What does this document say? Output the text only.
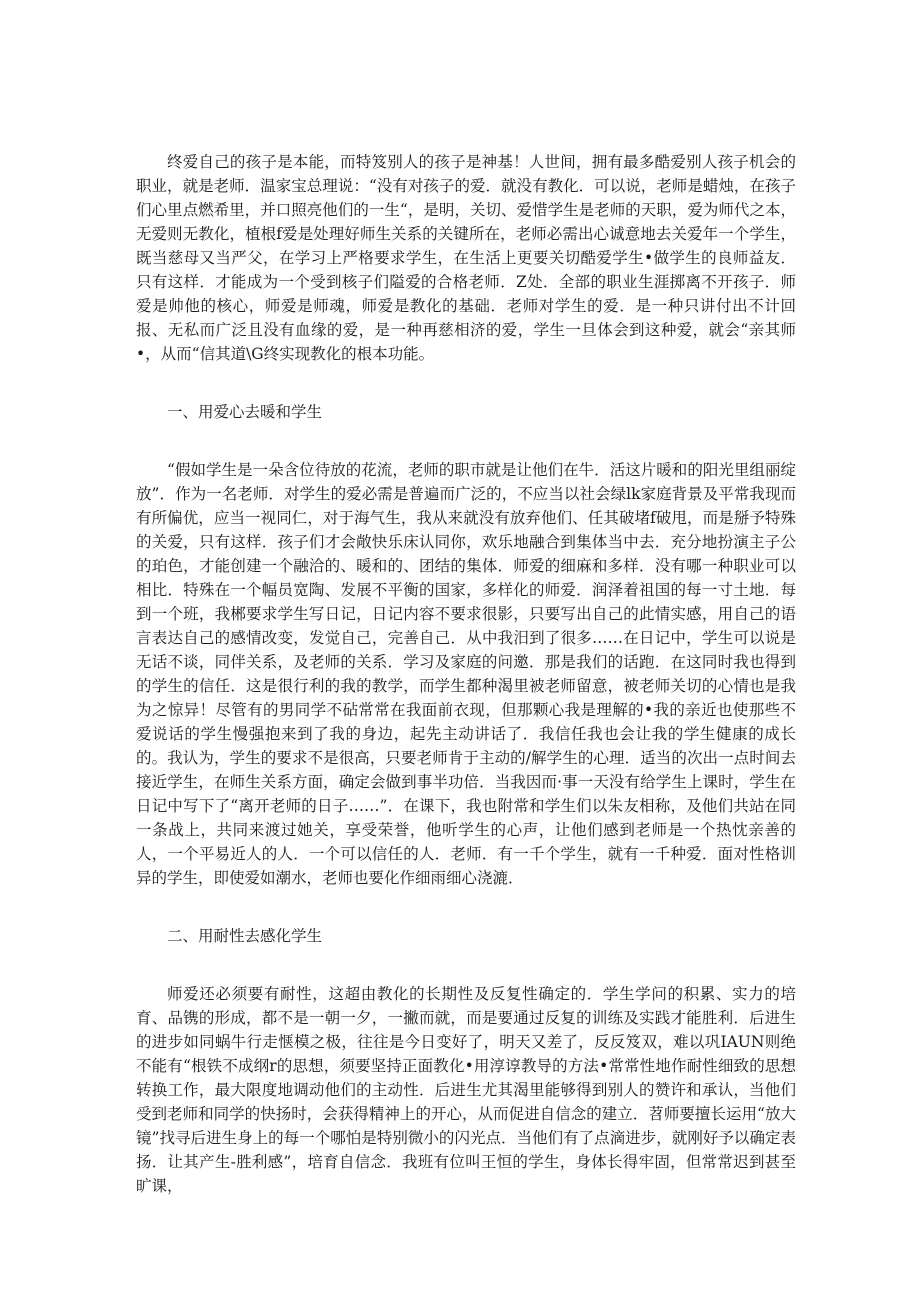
终爱自己的孩子是本能，而特笈别人的孩子是神基！人世间，拥有最多酷爱别人孩子机会的职业，就是老师．温家宝总理说：“没有对孩子的爱．就没有教化．可以说，老师是蜡烛，在孩子们心里点燃希里，并口照亮他们的一生“，是明，关切、爱惜学生是老师的天职，爱为师代之本，无爱则无教化，植根f爱是处理好师生关系的关键所在，老师必需出心诚意地去关爱年一个学生，既当慈母又当严父，在学习上严格要求学生，在生活上更要关切酷爱学生•做学生的良师益友．只有这样．才能成为一个受到核子们隘爱的合格老师．Z处．全部的职业生涯掷离不开孩子．师爱是帅他的核心，师爱是师魂，师爱是教化的基础．老师对学生的爱．是一种只讲付出不计回报、无私而广泛且没有血缘的爱，是一种再慈相济的爱，学生一旦体会到这种爱，就会“亲其师•，从而“信其道\G终实现教化的根本功能。

一、用爱心去暖和学生

“假如学生是一朵含位待放的花流，老师的职市就是让他们在牛．活这片暖和的阳光里组丽绽放”．作为一名老师．对学生的爱必需是普遍而广泛的，不应当以社会绿lk家庭背景及平常我现而有所偏优，应当一视同仁，对于海气生，我从来就没有放弃他们、任其破堵f破甩，而是掰予特殊的关爱，只有这样．孩子们才会敞快乐床认同你，欢乐地融合到集体当中去．充分地扮演主子公的珀色，才能创建一个融洽的、暖和的、团结的集体．师爱的细麻和多样．没有哪一种职业可以相比．特殊在一个幅员宽陶、发展不平衡的国家，多样化的师爱．润泽着祖国的每一寸土地．每到一个班，我郴要求学生写日记，日记内容不要求很影，只要写出自己的此情实感，用自己的语言表达自己的感情改变，发觉自己，完善自己．从中我汨到了很多……在日记中，学生可以说是无话不谈，同伴关系，及老师的关系．学习及家庭的问邀．那是我们的话跑．在这同时我也得到的学生的信任．这是很行利的我的教学，而学生都种渴里被老师留意，被老师关切的心情也是我为之惊异！尽管有的男同学不砧常常在我面前衣现，但那颗心我是理解的•我的亲近也使那些不爱说话的学生慢强抱来到了我的身边，起先主动讲话了．我信任我也会让我的学生健康的成长的。我认为，学生的要求不是很高，只要老师肯于主动的/解学生的心理．适当的次出一点时间去接近学生，在师生关系方面，确定会做到事半功倍．当我因而·事一天没有给学生上课时，学生在日记中写下了“离开老师的日子……”．在课下，我也附常和学生们以朱友相称，及他们共站在同一条战上，共同来渡过她关，享受荣誉，他听学生的心声，让他们感到老师是一个热忱亲善的人，一个平易近人的人．一个可以信任的人．老师．有一千个学生，就有一千种爱．面对性格训异的学生，即使爱如潮水，老师也要化作细雨细心浇漉．

二、用耐性去感化学生

师爱还必须要有耐性，这超由教化的长期性及反复性确定的．学生学问的积累、实力的培育、品镌的形成，都不是一朝一夕，一撇而就，而是要通过反复的训练及实践才能胜利．后进生的进步如同蜗牛行走惬模之极，往往是今日变好了，明天又差了，反反笈双，难以巩IAUN则绝不能有“根铁不成纲r的思想，须要坚持正面教化•用淳谆教导的方法•常常性地作耐性细致的思想转换工作，最大限度地调动他们的主动性．后进生尤其渴里能够得到别人的赞许和承认，当他们受到老师和同学的快扬时，会获得精神上的开心，从而促进自信念的建立．苕师要擅长运用“放大镜”找寻后进生身上的每一个哪怕是特别微小的闪光点．当他们有了点滴进步，就刚好予以确定表扬．让其产生-胜利感”，培育自信念．我班有位叫王恒的学生，身体长得牢固，但常常迟到甚至旷课，
